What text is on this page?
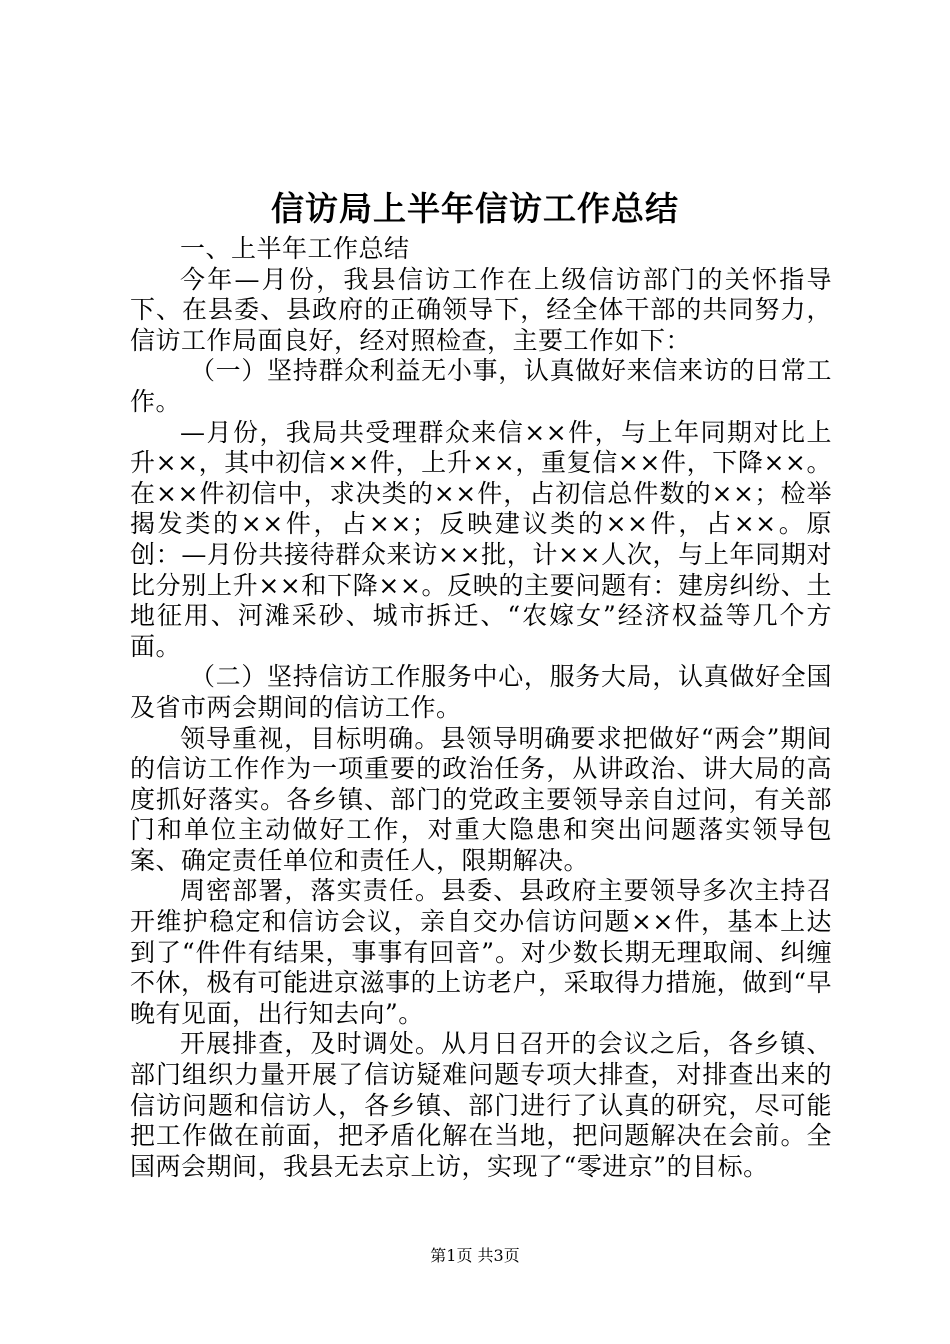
信访局上半年信访工作总结

一、上半年工作总结

今年—月份，我县信访工作在上级信访部门的关怀指导下、在县委、县政府的正确领导下，经全体干部的共同努力，信访工作局面良好，经对照检查，主要工作如下：

（一）坚持群众利益无小事，认真做好来信来访的日常工作。

—月份，我局共受理群众来信××件，与上年同期对比上升××，其中初信××件，上升××，重复信××件，下降××。在××件初信中，求决类的××件，占初信总件数的××；检举揭发类的××件，占××；反映建议类的××件，占××。原创：—月份共接待群众来访××批，计××人次，与上年同期对比分别上升××和下降××。反映的主要问题有：建房纠纷、土地征用、河滩采砂、城市拆迁、“农嫁女”经济权益等几个方面。

（二）坚持信访工作服务中心，服务大局，认真做好全国及省市两会期间的信访工作。

领导重视，目标明确。县领导明确要求把做好“两会”期间的信访工作作为一项重要的政治任务，从讲政治、讲大局的高度抓好落实。各乡镇、部门的党政主要领导亲自过问，有关部门和单位主动做好工作，对重大隐患和突出问题落实领导包案、确定责任单位和责任人，限期解决。

周密部署，落实责任。县委、县政府主要领导多次主持召开维护稳定和信访会议，亲自交办信访问题××件，基本上达到了“件件有结果，事事有回音”。对少数长期无理取闹、纠缠不休，极有可能进京滋事的上访老户，采取得力措施，做到“早晚有见面，出行知去向”。

开展排查，及时调处。从月日召开的会议之后，各乡镇、部门组织力量开展了信访疑难问题专项大排查，对排查出来的信访问题和信访人，各乡镇、部门进行了认真的研究，尽可能把工作做在前面，把矛盾化解在当地，把问题解决在会前。全国两会期间，我县无去京上访，实现了“零进京”的目标。

第1页 共3页
